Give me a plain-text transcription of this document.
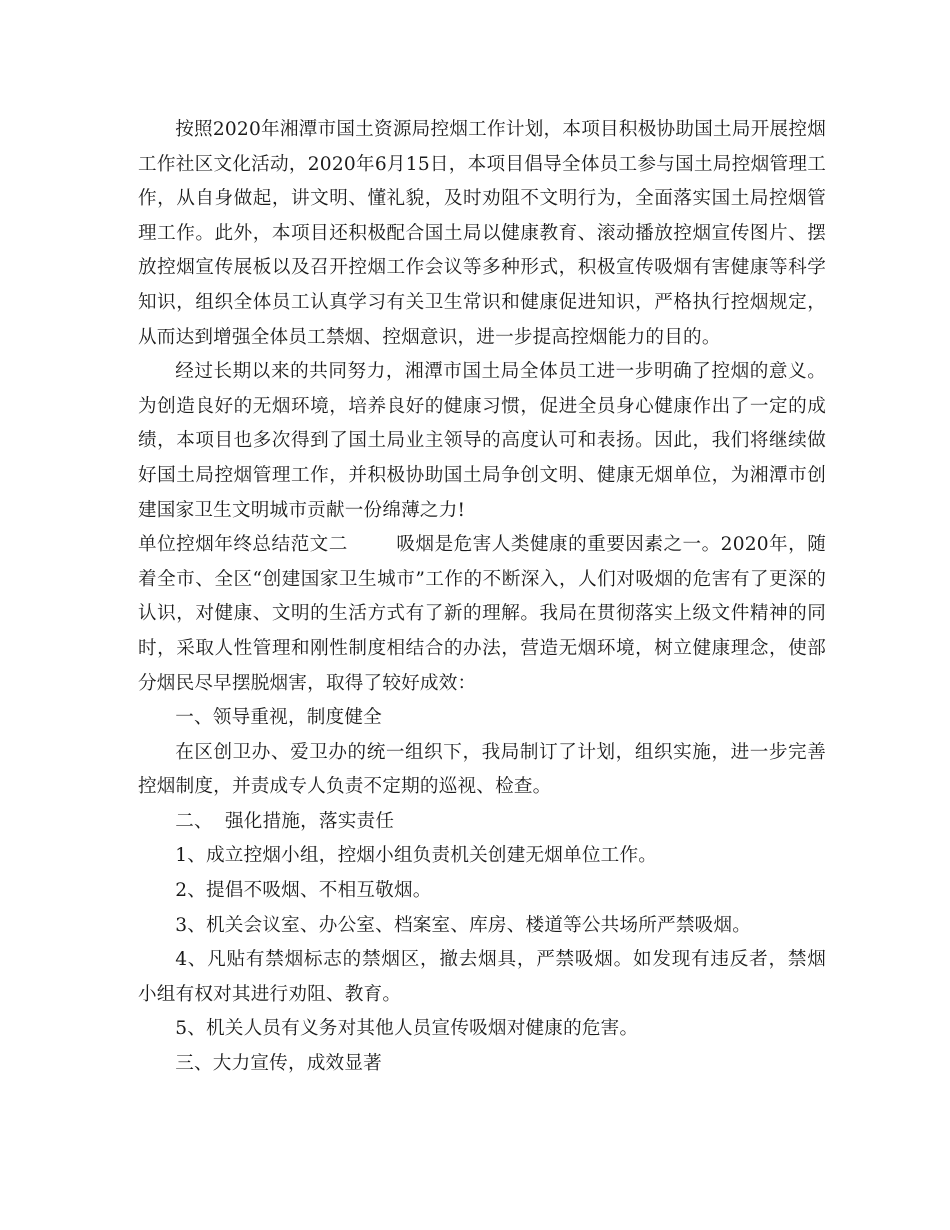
按照2020年湘潭市国土资源局控烟工作计划，本项目积极协助国土局开展控烟工作社区文化活动，2020年6月15日，本项目倡导全体员工参与国土局控烟管理工作，从自身做起，讲文明、懂礼貌，及时劝阻不文明行为，全面落实国土局控烟管理工作。此外，本项目还积极配合国土局以健康教育、滚动播放控烟宣传图片、摆放控烟宣传展板以及召开控烟工作会议等多种形式，积极宣传吸烟有害健康等科学知识，组织全体员工认真学习有关卫生常识和健康促进知识，严格执行控烟规定，从而达到增强全体员工禁烟、控烟意识，进一步提高控烟能力的目的。

经过长期以来的共同努力，湘潭市国土局全体员工进一步明确了控烟的意义。为创造良好的无烟环境，培养良好的健康习惯，促进全员身心健康作出了一定的成绩，本项目也多次得到了国土局业主领导的高度认可和表扬。因此，我们将继续做好国土局控烟管理工作，并积极协助国土局争创文明、健康无烟单位，为湘潭市创建国家卫生文明城市贡献一份绵薄之力!

单位控烟年终总结范文二	吸烟是危害人类健康的重要因素之一。2020年，随着全市、全区“创建国家卫生城市”工作的不断深入，人们对吸烟的危害有了更深的认识，对健康、文明的生活方式有了新的理解。我局在贯彻落实上级文件精神的同时，采取人性管理和刚性制度相结合的办法，营造无烟环境，树立健康理念，使部分烟民尽早摆脱烟害，取得了较好成效：

一、领导重视，制度健全

在区创卫办、爱卫办的统一组织下，我局制订了计划，组织实施，进一步完善控烟制度，并责成专人负责不定期的巡视、检查。

二、  强化措施，落实责任

1、成立控烟小组，控烟小组负责机关创建无烟单位工作。

2、提倡不吸烟、不相互敬烟。

3、机关会议室、办公室、档案室、库房、楼道等公共场所严禁吸烟。

4、凡贴有禁烟标志的禁烟区，撤去烟具，严禁吸烟。如发现有违反者，禁烟小组有权对其进行劝阻、教育。

5、机关人员有义务对其他人员宣传吸烟对健康的危害。

三、大力宣传，成效显著
